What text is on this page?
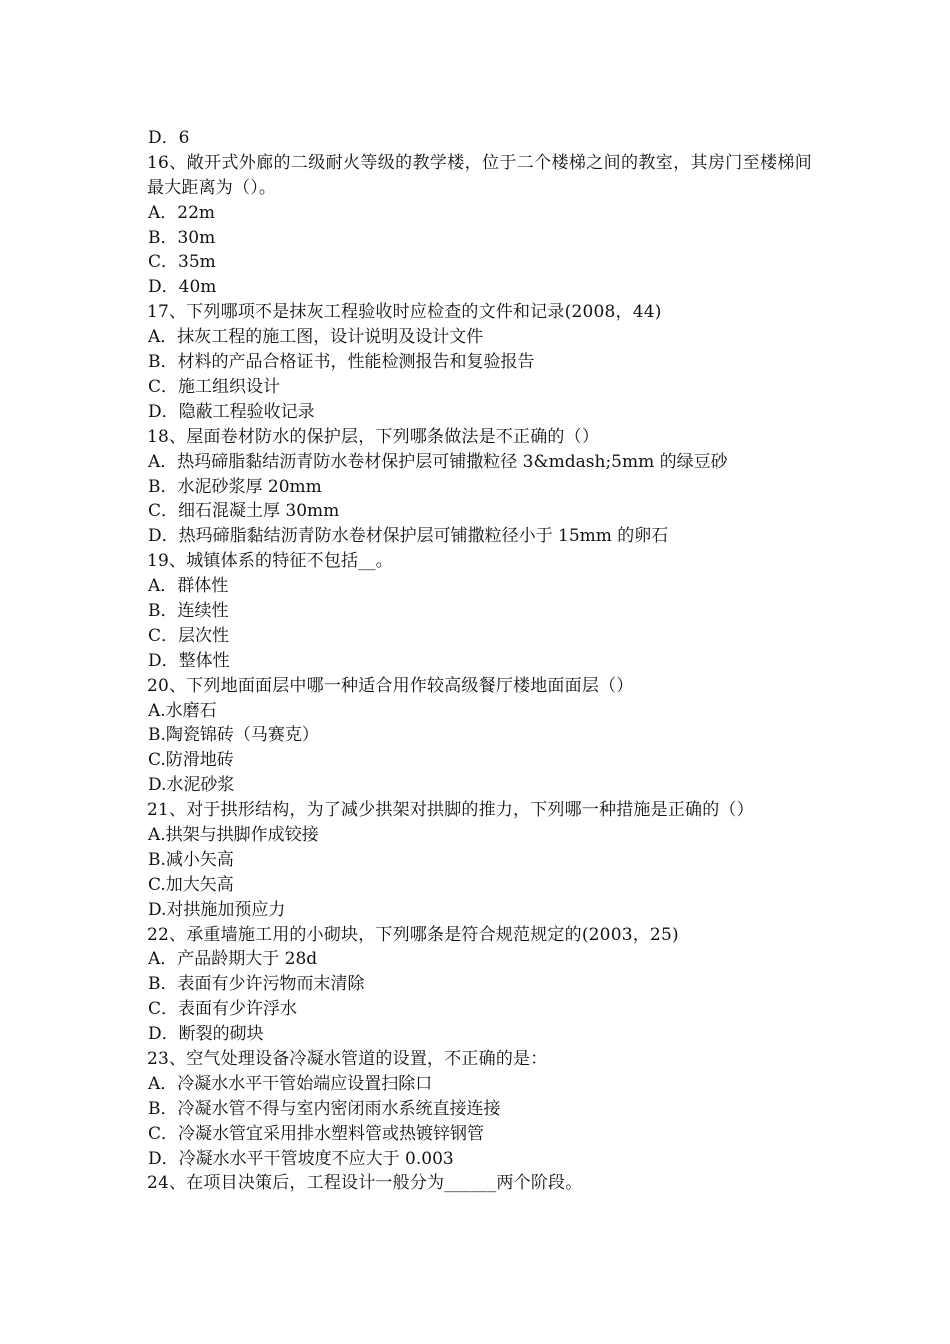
D．6
16、敞开式外廊的二级耐火等级的教学楼，位于二个楼梯之间的教室，其房门至楼梯间最大距离为（）。
A．22m
B．30m
C．35m
D．40m
17、下列哪项不是抹灰工程验收时应检查的文件和记录(2008，44)
A．抹灰工程的施工图，设计说明及设计文件
B．材料的产品合格证书，性能检测报告和复验报告
C．施工组织设计
D．隐蔽工程验收记录
18、屋面卷材防水的保护层，下列哪条做法是不正确的（）
A．热玛碲脂黏结沥青防水卷材保护层可铺撒粒径 3&mdash;5mm 的绿豆砂
B．水泥砂浆厚 20mm
C．细石混凝土厚 30mm
D．热玛碲脂黏结沥青防水卷材保护层可铺撒粒径小于 15mm 的卵石
19、城镇体系的特征不包括__。
A．群体性
B．连续性
C．层次性
D．整体性
20、下列地面面层中哪一种适合用作较高级餐厅楼地面面层（）
A.水磨石
B.陶瓷锦砖（马赛克）
C.防滑地砖
D.水泥砂浆
21、对于拱形结构，为了减少拱架对拱脚的推力，下列哪一种措施是正确的（）
A.拱架与拱脚作成铰接
B.减小矢高
C.加大矢高
D.对拱施加预应力
22、承重墙施工用的小砌块，下列哪条是符合规范规定的(2003，25)
A．产品龄期大于 28d
B．表面有少许污物而末清除
C．表面有少许浮水
D．断裂的砌块
23、空气处理设备冷凝水管道的设置，不正确的是：
A．冷凝水水平干管始端应设置扫除口
B．冷凝水管不得与室内密闭雨水系统直接连接
C．冷凝水管宜采用排水塑料管或热镀锌钢管
D．冷凝水水平干管坡度不应大于 0.003
24、在项目决策后，工程设计一般分为______两个阶段。
